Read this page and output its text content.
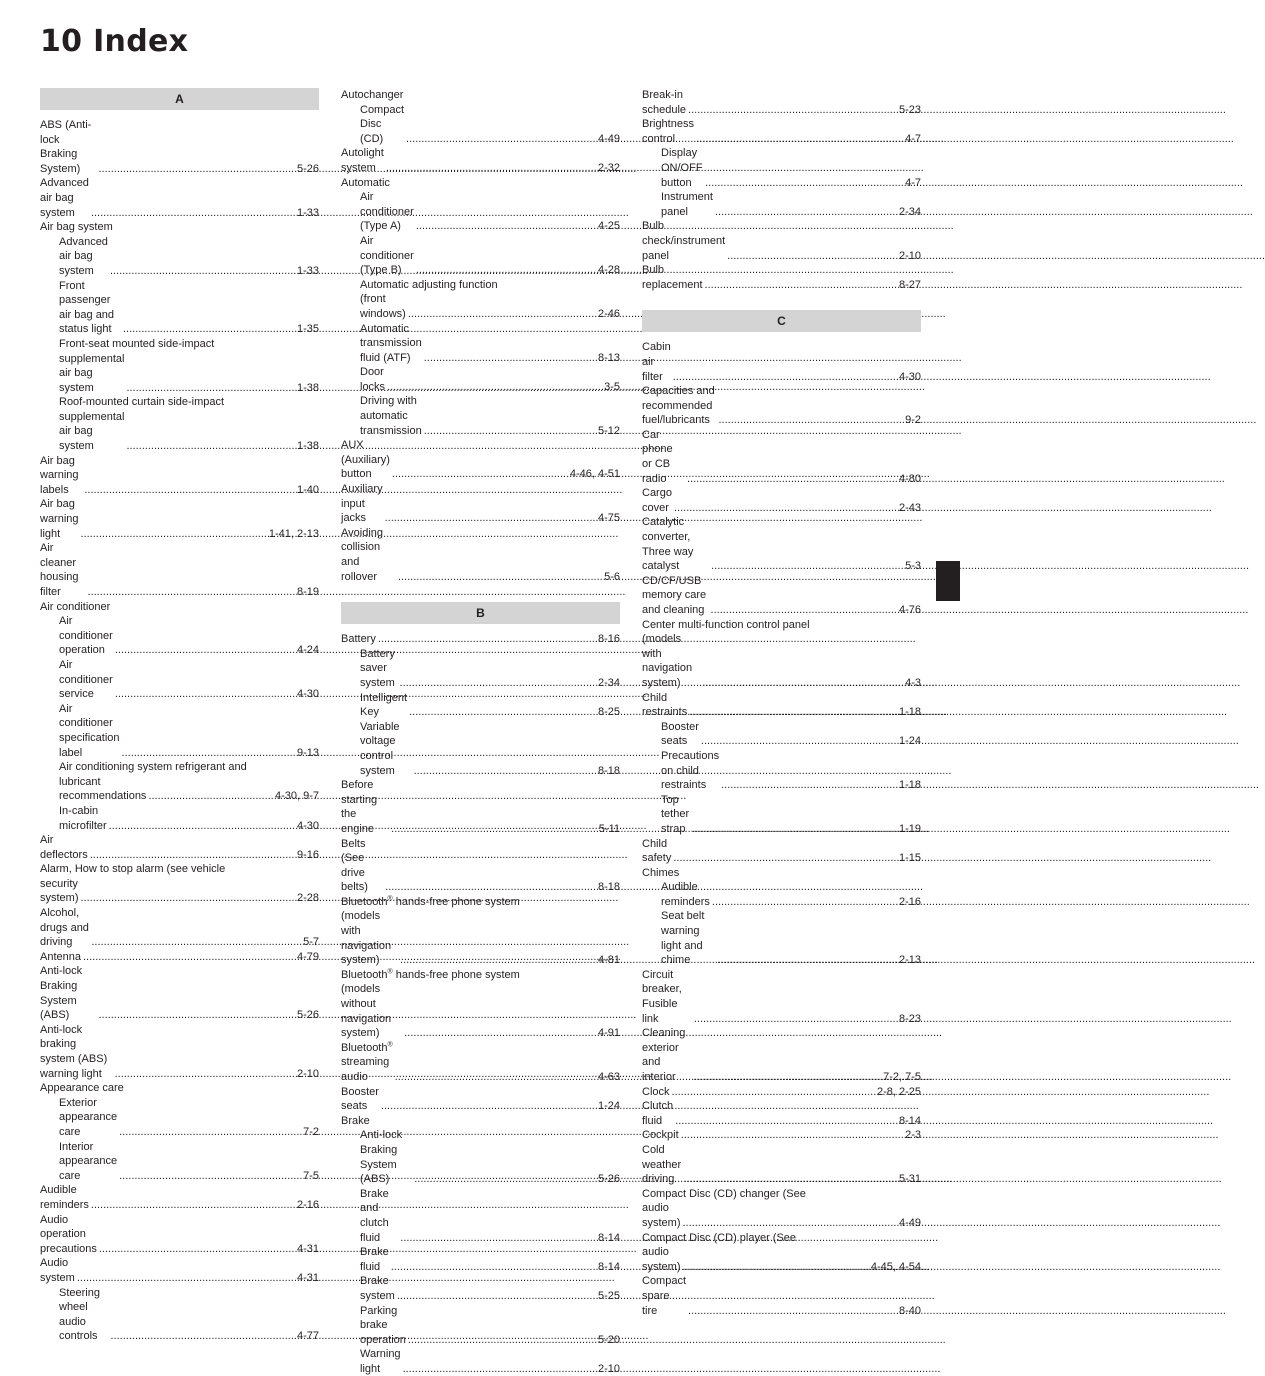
10 Index
A
ABS (Anti-lock Braking System) .....	5-26
Advanced air bag system .....	1-33
Air bag system
Advanced air bag system .....	1-33
Front passenger air bag and status light .....	1-35
Front-seat mounted side-impact
supplemental air bag system .....	1-38
Roof-mounted curtain side-impact
supplemental air bag system .....	1-38
Air bag warning labels .....	1-40
Air bag warning light .....	1-41, 2-13
Air cleaner housing filter .....	8-19
Air conditioner
Air conditioner operation .....	4-24
Air conditioner service .....	4-30
Air conditioner specification label .....	9-13
Air conditioning system refrigerant and
lubricant recommendations .....	4-30, 9-7
In-cabin microfilter .....	4-30
Air deflectors .....	9-16
Alarm, How to stop alarm (see vehicle
security system) .....	2-28
Alcohol, drugs and driving .....	5-7
Antenna .....	4-79
Anti-lock Braking System (ABS) .....	5-26
Anti-lock braking system (ABS) warning light .....	2-10
Appearance care
Exterior appearance care .....	7-2
Interior appearance care .....	7-5
Audible reminders .....	2-16
Audio operation precautions .....	4-31
Audio system .....	4-31
Steering wheel audio controls .....	4-77
Autochanger
Compact Disc (CD) .....	4-49
Autolight system .....	2-32
Automatic
Air conditioner (Type A) .....	4-25
Air conditioner (Type B) .....	4-28
Automatic adjusting function
(front windows) .....	2-46
Automatic transmission fluid (ATF) .....	8-13
Door locks .....	3-5
Driving with automatic transmission .....	5-12
AUX (Auxiliary) button .....	4-46, 4-51
Auxiliary input jacks .....	4-75
Avoiding collision and rollover .....	5-6
B
Battery .....	8-16
Battery saver system .....	2-34
Intelligent Key .....	8-25
Variable voltage control system .....	8-18
Before starting the engine .....	5-11
Belts (See drive belts) .....	8-18
Bluetooth® hands-free phone system
(models with navigation system) .....	4-81
Bluetooth® hands-free phone system
(models without navigation system) .....	4-91
Bluetooth® streaming audio .....	4-63
Booster seats .....	1-24
Brake
Anti-lock Braking System (ABS) .....	5-26
Brake and clutch fluid .....	8-14
Brake fluid .....	8-14
Brake system .....	5-25
Parking brake operation .....	5-20
Warning light .....	2-10
Break-in schedule .....	5-23
Brightness control .....	4-7
Display ON/OFF button .....	4-7
Instrument panel .....	2-34
Bulb check/instrument panel .....	2-10
Bulb replacement .....	8-27
C
Cabin air filter .....	4-30
Capacities and recommended fuel/lubricants .....	9-2
Car phone or CB radio .....	4-80
Cargo cover .....	2-43
Catalytic converter, Three way catalyst .....	5-3
CD/CF/USB memory care and cleaning .....	4-76
Center multi-function control panel
(models with navigation system) .....	4-3
Child restraints .....	1-18
Booster seats .....	1-24
Precautions on child restraints .....	1-18
Top tether strap .....	1-19
Child safety .....	1-15
Chimes
Audible reminders .....	2-16
Seat belt warning light and chime .....	2-13
Circuit breaker, Fusible link .....	8-23
Cleaning exterior and interior .....	7-2, 7-5
Clock .....	2-8, 2-25
Clutch fluid .....	8-14
Cockpit .....	2-3
Cold weather driving .....	5-31
Compact Disc (CD) changer (See
audio system) .....	4-49
Compact Disc (CD) player (See
audio system) .....	4-45, 4-54
Compact spare tire .....	8-40
